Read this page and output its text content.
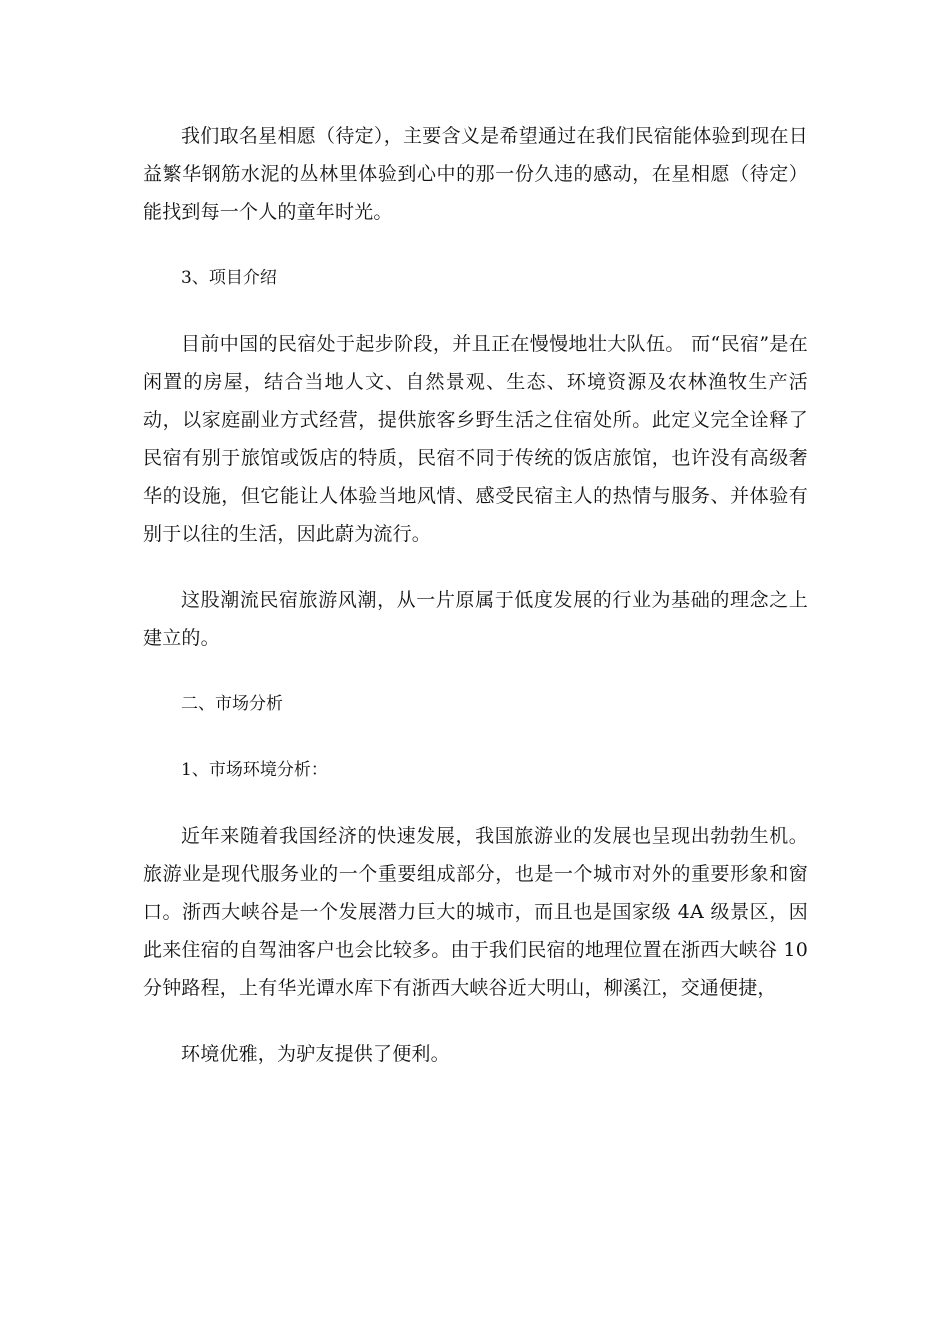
我们取名星相愿（待定），主要含义是希望通过在我们民宿能体验到现在日益繁华钢筋水泥的丛林里体验到心中的那一份久违的感动，在星相愿（待定）能找到每一个人的童年时光。

3、项目介绍

目前中国的民宿处于起步阶段，并且正在慢慢地壮大队伍。 而“民宿”是在闲置的房屋，结合当地人文、自然景观、生态、环境资源及农林渔牧生产活动，以家庭副业方式经营，提供旅客乡野生活之住宿处所。此定义完全诠释了民宿有别于旅馆或饭店的特质，民宿不同于传统的饭店旅馆，也许没有高级奢华的设施，但它能让人体验当地风情、感受民宿主人的热情与服务、并体验有别于以往的生活，因此蔚为流行。

这股潮流民宿旅游风潮，从一片原属于低度发展的行业为基础的理念之上建立的。

二、市场分析

1、市场环境分析：

近年来随着我国经济的快速发展，我国旅游业的发展也呈现出勃勃生机。旅游业是现代服务业的一个重要组成部分，也是一个城市对外的重要形象和窗口。浙西大峡谷是一个发展潜力巨大的城市，而且也是国家级 4A 级景区，因此来住宿的自驾油客户也会比较多。由于我们民宿的地理位置在浙西大峡谷 10 分钟路程，上有华光谭水库下有浙西大峡谷近大明山，柳溪江，交通便捷，

环境优雅，为驴友提供了便利。
